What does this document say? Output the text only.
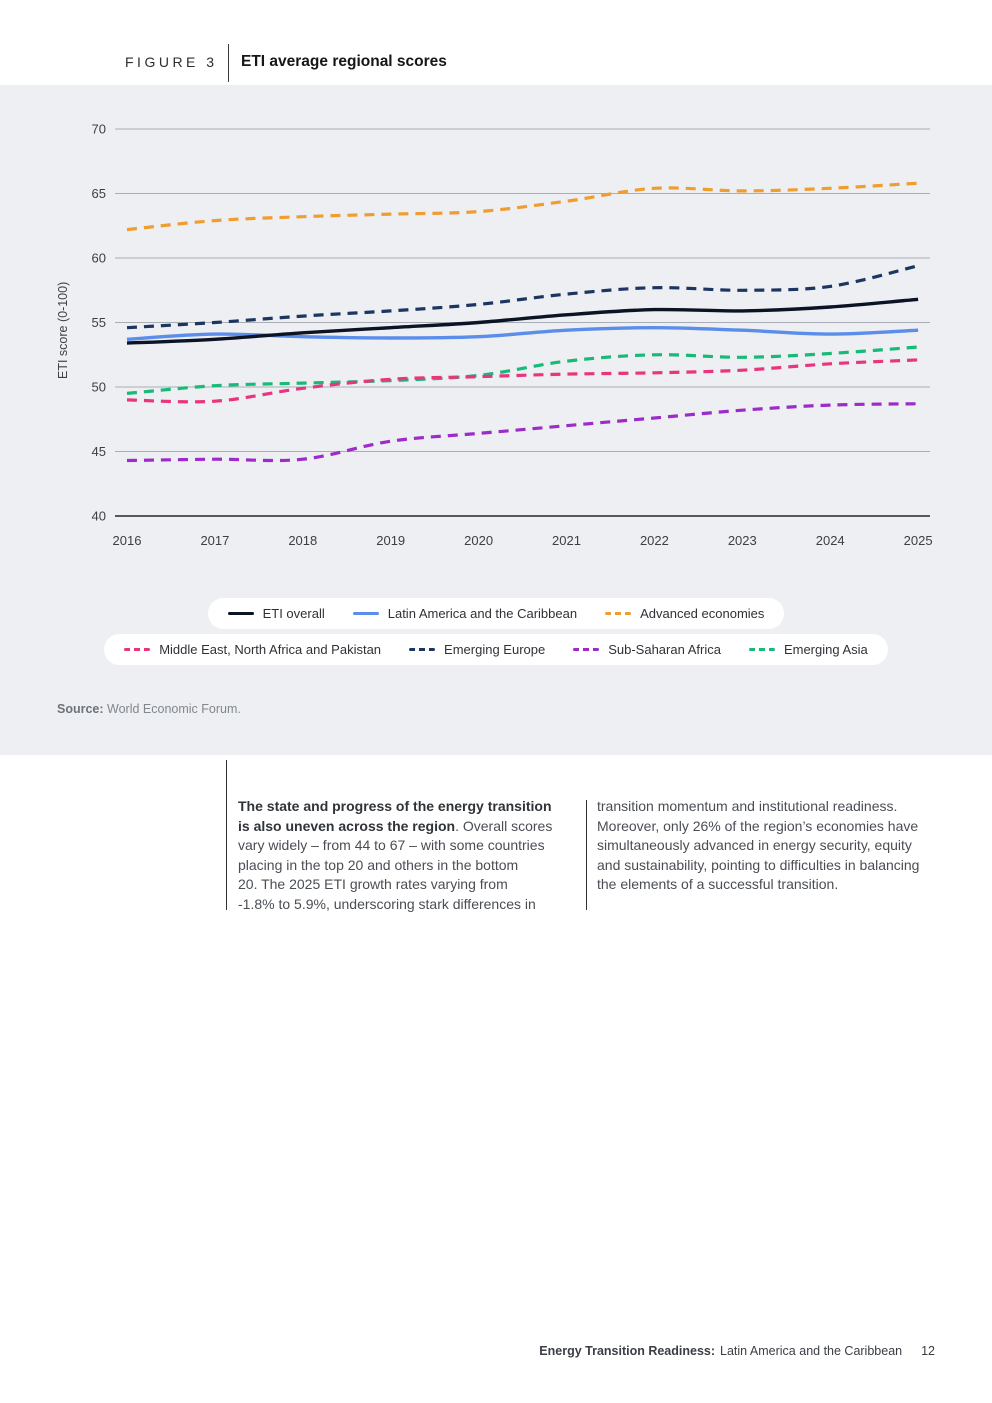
FIGURE 3 ETI average regional scores
ETI score (0-100)
40
45
50
55
60
65
70
2016	2017	2018	2019	2020	2021	2022	2023	2024	2025
ETI overall	Latin America and the Caribbean	Advanced economies
Middle East, North Africa and Pakistan	Emerging Europe	Sub-Saharan Africa	Emerging Asia
Source: World Economic Forum.
The state and progress of the energy transition
is also uneven across the region. Overall scores
vary widely – from 44 to 67 – with some countries
placing in the top 20 and others in the bottom
20. The 2025 ETI growth rates varying from
-1.8% to 5.9%, underscoring stark differences in
transition momentum and institutional readiness.
Moreover, only 26% of the region’s economies have
simultaneously advanced in energy security, equity
and sustainability, pointing to difficulties in balancing
the elements of a successful transition.
Energy Transition Readiness: Latin America and the Caribbean 12
